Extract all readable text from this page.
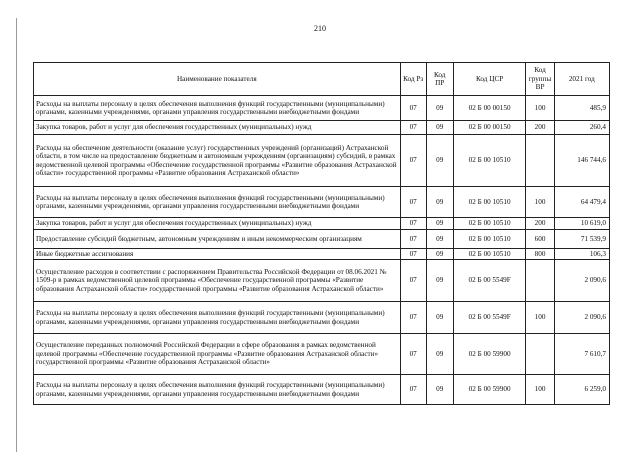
210
Наименование показателя	Код Рз	Код ПР	Код ЦСР	Код группы ВР	2021 год
Расходы на выплаты персоналу в целях обеспечения выполнения функций государственными (муниципальными) органами, казенными учреждениями, органами управления государственными внебюджетными фондами	07	09	02 Б 00 00150	100	485,9
Закупка товаров, работ и услуг для обеспечения государственных (муниципальных) нужд	07	09	02 Б 00 00150	200	260,4
Расходы на обеспечение деятельности (оказание услуг) государственных учреждений (организаций) Астраханской области, в том числе на предоставление бюджетным и автономным учреждениям (организациям) субсидий, в рамках ведомственной целевой программы «Обеспечение государственной программы «Развитие образования Астраханской области» государственной программы «Развитие образования Астраханской области»	07	09	02 Б 00 10510		146 744,6
Расходы на выплаты персоналу в целях обеспечения выполнения функций государственными (муниципальными) органами, казенными учреждениями, органами управления государственными внебюджетными фондами	07	09	02 Б 00 10510	100	64 479,4
Закупка товаров, работ и услуг для обеспечения государственных (муниципальных) нужд	07	09	02 Б 00 10510	200	10 619,0
Предоставление субсидий бюджетным, автономным учреждениям и иным некоммерческим организациям	07	09	02 Б 00 10510	600	71 539,9
Иные бюджетные ассигнования	07	09	02 Б 00 10510	800	106,3
Осуществление расходов в соответствии с распоряжением Правительства Российской Федерации от 08.06.2021 № 1509-р в рамках ведомственной целевой программы «Обеспечение государственной программы «Развитие образования Астраханской области» государственной программы «Развитие образования Астраханской области»	07	09	02 Б 00 5549F		2 090,6
Расходы на выплаты персоналу в целях обеспечения выполнения функций государственными (муниципальными) органами, казенными учреждениями, органами управления государственными внебюджетными фондами	07	09	02 Б 00 5549F	100	2 090,6
Осуществление переданных полномочий Российской Федерации в сфере образования в рамках ведомственной целевой программы «Обеспечение государственной программы «Развитие образования Астраханской области» государственной программы «Развитие образования Астраханской области»	07	09	02 Б 00 59900		7 610,7
Расходы на выплаты персоналу в целях обеспечения выполнения функций государственными (муниципальными) органами, казенными учреждениями, органами управления государственными внебюджетными фондами	07	09	02 Б 00 59900	100	6 259,0
